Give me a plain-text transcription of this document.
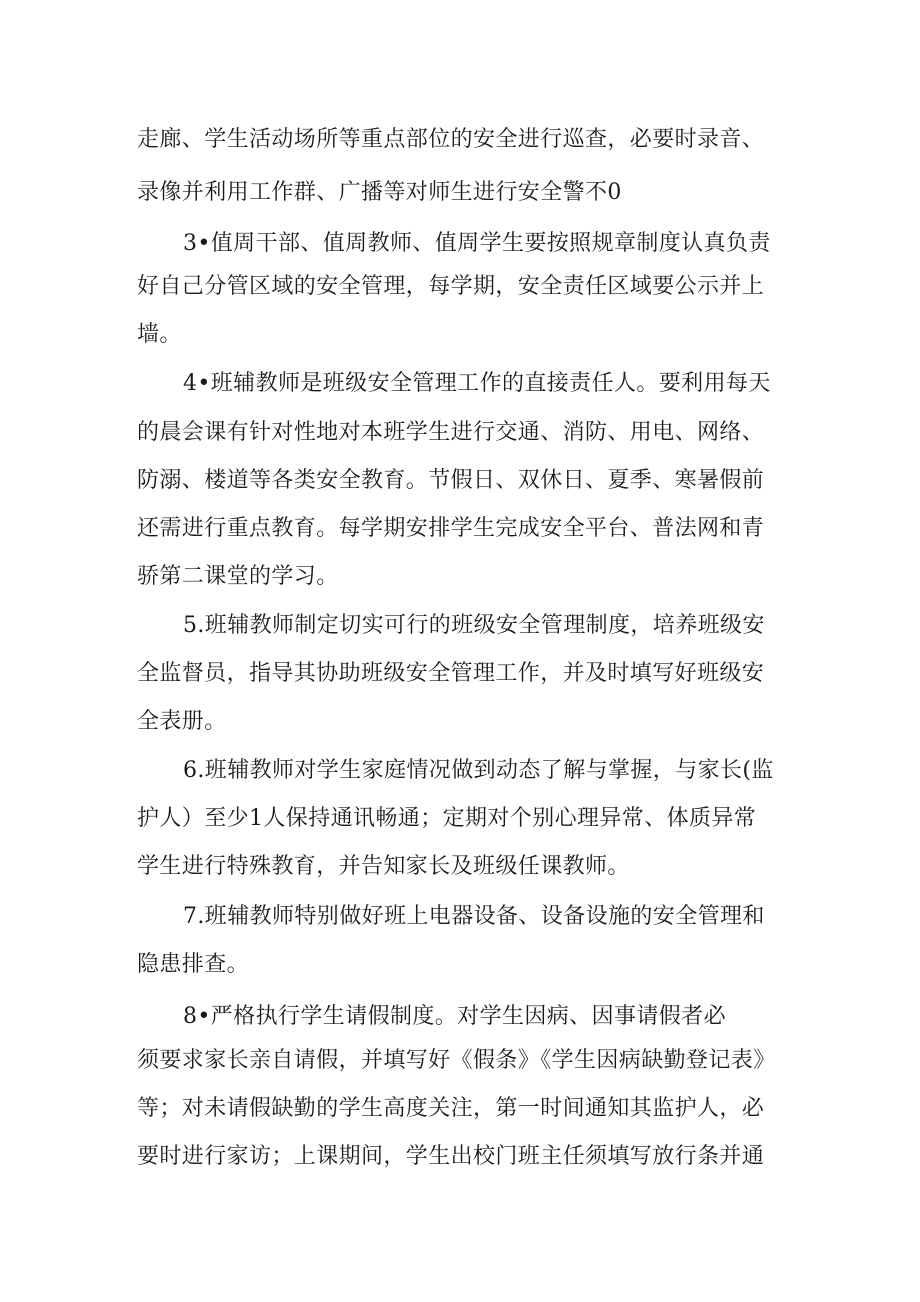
走廊、学生活动场所等重点部位的安全进行巡查，必要时录音、
录像并利用工作群、广播等对师生进行安全警不0
3•值周干部、值周教师、值周学生要按照规章制度认真负责
好自己分管区域的安全管理，每学期，安全责任区域要公示并上
墙。
4•班辅教师是班级安全管理工作的直接责任人。要利用每天
的晨会课有针对性地对本班学生进行交通、消防、用电、网络、
防溺、楼道等各类安全教育。节假日、双休日、夏季、寒暑假前
还需进行重点教育。每学期安排学生完成安全平台、普法网和青
骄第二课堂的学习。
5.班辅教师制定切实可行的班级安全管理制度，培养班级安
全监督员，指导其协助班级安全管理工作，并及时填写好班级安
全表册。
6.班辅教师对学生家庭情况做到动态了解与掌握，与家长(监
护人）至少1人保持通讯畅通；定期对个别心理异常、体质异常
学生进行特殊教育，并告知家长及班级任课教师。
7.班辅教师特别做好班上电器设备、设备设施的安全管理和
隐患排查。
8•严格执行学生请假制度。对学生因病、因事请假者必
须要求家长亲自请假，并填写好《假条》《学生因病缺勤登记表》
等；对未请假缺勤的学生高度关注，第一时间通知其监护人，必
要时进行家访；上课期间，学生出校门班主任须填写放行条并通
